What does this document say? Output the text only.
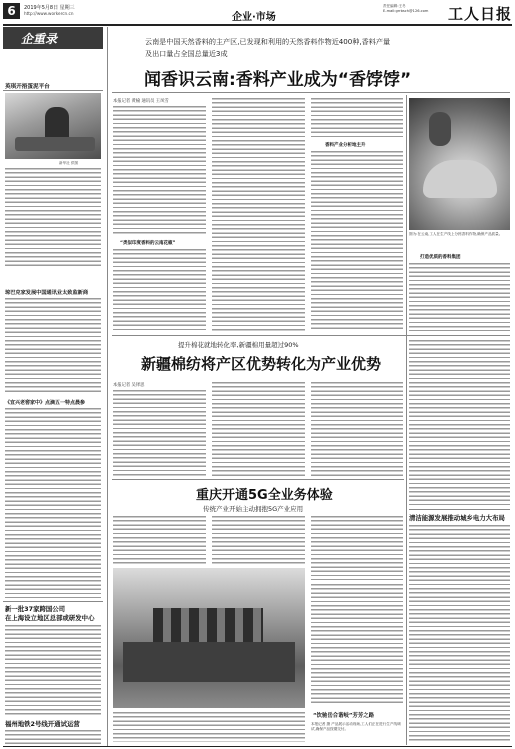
6	2019年5月8日 星期三
http://www.workercn.cn	企业·市场
责任编辑:王冬
E-mail:grrbsch@126.com	工人日报
企重录
英琪开捂蛋泥平台
新华社 供图
琼巴克家发展中国通讯业太致监新商
《宜兴老窖家中》点滴五一特点晨参
新一批37家跨国公司
在上海设立地区总部或研发中心
福州地铁2号线开通试运营
云南是中国天然香料的主产区,已发现和利用的天然香料作物近400种,香料产量
及出口量占全国总量近3成
闻香识云南:香料产业成为“香饽饽”
本报记者 黄榆 通讯员 王凤雪
“类似印度香料的云南花椒”
香料产业分析地主升
图为:在云南,工人在生产线上分拣香料作物,确保产品质量。
打造优质的香料集团
提升棉花就地转化率,新疆棉用量超过90%
新疆棉纺将产区优势转化为产业优势
本报记者 吴铎思
清洁能源发展推动城乡电力大布局
重庆开通5G全业务体验
传统产业开始主动拥抱5G产业应用
“饮驰岳合谐岐”芳芳之路
本报记者 摄 产品展示活动现场,工人们正在进行生产线调试,确保产品按期交付。
